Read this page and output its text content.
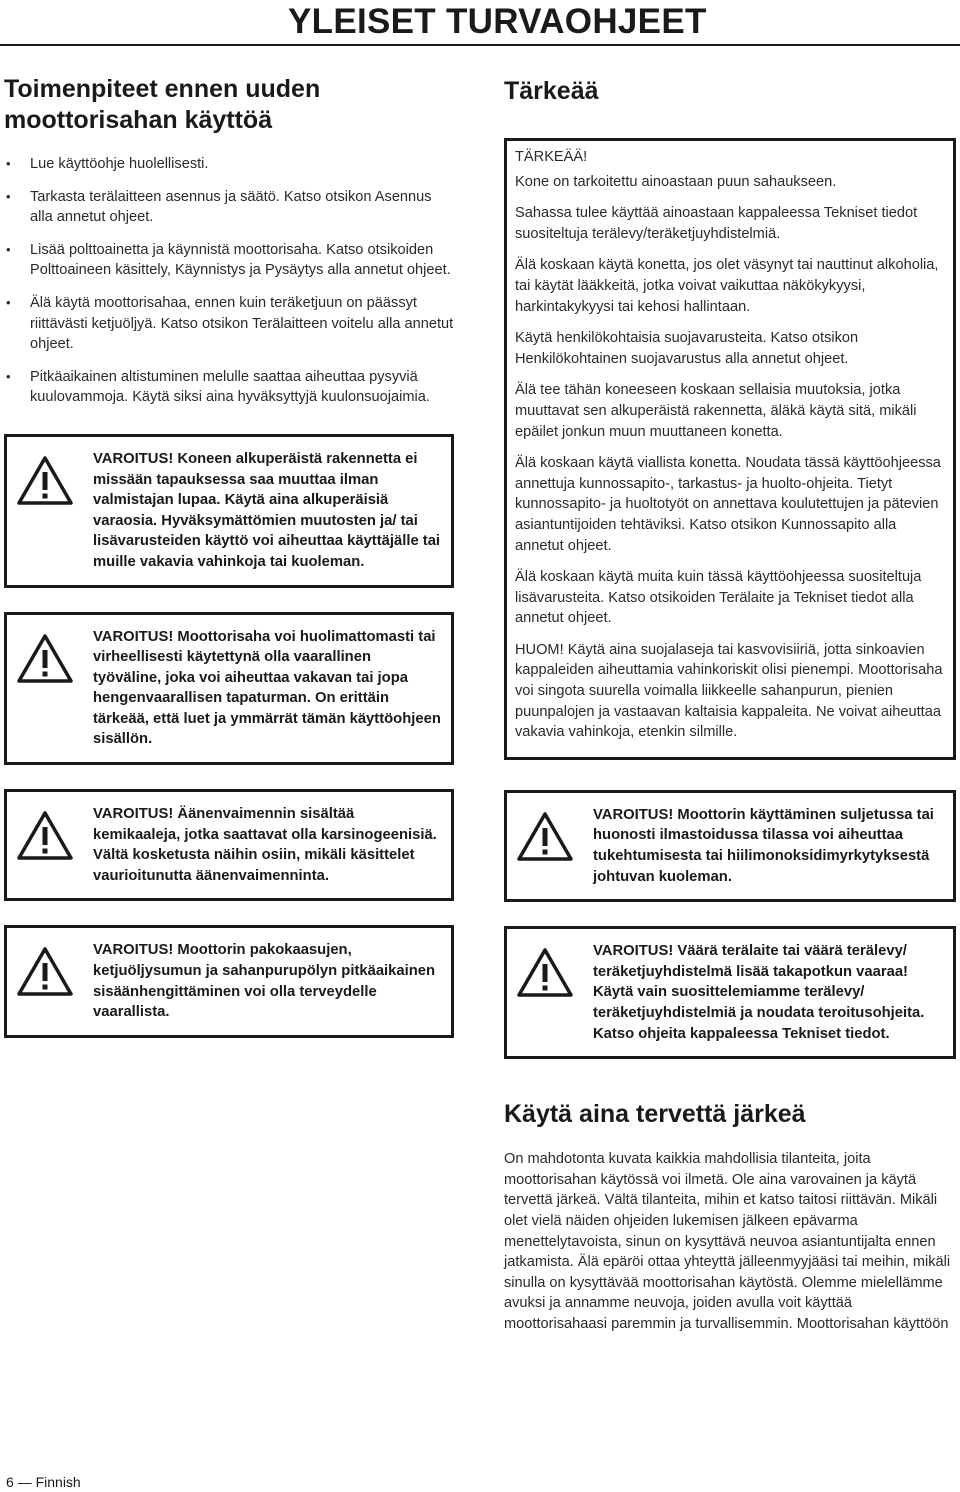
YLEISET TURVAOHJEET
Toimenpiteet ennen uuden moottorisahan käyttöä
• Lue käyttöohje huolellisesti.
• Tarkasta terälaitteen asennus ja säätö. Katso otsikon Asennus alla annetut ohjeet.
• Lisää polttoainetta ja käynnistä moottorisaha. Katso otsikoiden Polttoaineen käsittely, Käynnistys ja Pysäytys alla annetut ohjeet.
• Älä käytä moottorisahaa, ennen kuin teräketjuun on päässyt riittävästi ketjuöljyä. Katso otsikon Terälaitteen voitelu alla annetut ohjeet.
• Pitkäaikainen altistuminen melulle saattaa aiheuttaa pysyviä kuulovammoja. Käytä siksi aina hyväksyttyjä kuulonsuojaimia.
VAROITUS! Koneen alkuperäistä rakennetta ei missään tapauksessa saa muuttaa ilman valmistajan lupaa. Käytä aina alkuperäisiä varaosia. Hyväksymättömien muutosten ja/ tai lisävarusteiden käyttö voi aiheuttaa käyttäjälle tai muille vakavia vahinkoja tai kuoleman.
VAROITUS! Moottorisaha voi huolimattomasti tai virheellisesti käytettynä olla vaarallinen työväline, joka voi aiheuttaa vakavan tai jopa hengenvaarallisen tapaturman. On erittäin tärkeää, että luet ja ymmärrät tämän käyttöohjeen sisällön.
VAROITUS! Äänenvaimennin sisältää kemikaaleja, jotka saattavat olla karsinogeenisiä. Vältä kosketusta näihin osiin, mikäli käsittelet vaurioitunutta äänenvaimenninta.
VAROITUS! Moottorin pakokaasujen, ketjuöljysumun ja sahanpurupölyn pitkäaikainen sisäänhengittäminen voi olla terveydelle vaarallista.
Tärkeää

TÄRKEÄÄ!

Kone on tarkoitettu ainoastaan puun sahaukseen.

Sahassa tulee käyttää ainoastaan kappaleessa Tekniset tiedot suositeltuja terälevy/teräketjuyhdistelmiä.

Älä koskaan käytä konetta, jos olet väsynyt tai nauttinut alkoholia, tai käytät lääkkeitä, jotka voivat vaikuttaa näkökykyysi, harkintakykyysi tai kehosi hallintaan.

Käytä henkilökohtaisia suojavarusteita. Katso otsikon Henkilökohtainen suojavarustus alla annetut ohjeet.

Älä tee tähän koneeseen koskaan sellaisia muutoksia, jotka muuttavat sen alkuperäistä rakennetta, äläkä käytä sitä, mikäli epäilet jonkun muun muuttaneen konetta.

Älä koskaan käytä viallista konetta. Noudata tässä käyttöohjeessa annettuja kunnossapito-, tarkastus- ja huolto-ohjeita. Tietyt kunnossapito- ja huoltotyöt on annettava koulutettujen ja pätevien asiantuntijoiden tehtäviksi. Katso otsikon Kunnossapito alla annetut ohjeet.

Älä koskaan käytä muita kuin tässä käyttöohjeessa suositeltuja lisävarusteita. Katso otsikoiden Terälaite ja Tekniset tiedot alla annetut ohjeet.

HUOM! Käytä aina suojalaseja tai kasvovisiiriä, jotta sinkoavien kappaleiden aiheuttamia vahinkoriskit olisi pienempi. Moottorisaha voi singota suurella voimalla liikkeelle sahanpurun, pienien puunpalojen ja vastaavan kaltaisia kappaleita. Ne voivat aiheuttaa vakavia vahinkoja, etenkin silmille.

VAROITUS! Moottorin käyttäminen suljetussa tai huonosti ilmastoidussa tilassa voi aiheuttaa tukehtumisesta tai hiilimonoksidimyrkytyksestä johtuvan kuoleman.
VAROITUS! Väärä terälaite tai väärä terälevy/ teräketjuyhdistelmä lisää takapotkun vaaraa! Käytä vain suosittelemiamme terälevy/ teräketjuyhdistelmiä ja noudata teroitusohjeita. Katso ohjeita kappaleessa Tekniset tiedot.
Käytä aina tervettä järkeä

On mahdotonta kuvata kaikkia mahdollisia tilanteita, joita moottorisahan käytössä voi ilmetä. Ole aina varovainen ja käytä tervettä järkeä. Vältä tilanteita, mihin et katso taitosi riittävän. Mikäli olet vielä näiden ohjeiden lukemisen jälkeen epävarma menettelytavoista, sinun on kysyttävä neuvoa asiantuntijalta ennen jatkamista. Älä epäröi ottaa yhteyttä jälleenmyyjääsi tai meihin, mikäli sinulla on kysyttävää moottorisahan käytöstä. Olemme mielellämme avuksi ja annamme neuvoja, joiden avulla voit käyttää moottorisahaasi paremmin ja turvallisemmin. Moottorisahan käyttöön

6 — Finnish
